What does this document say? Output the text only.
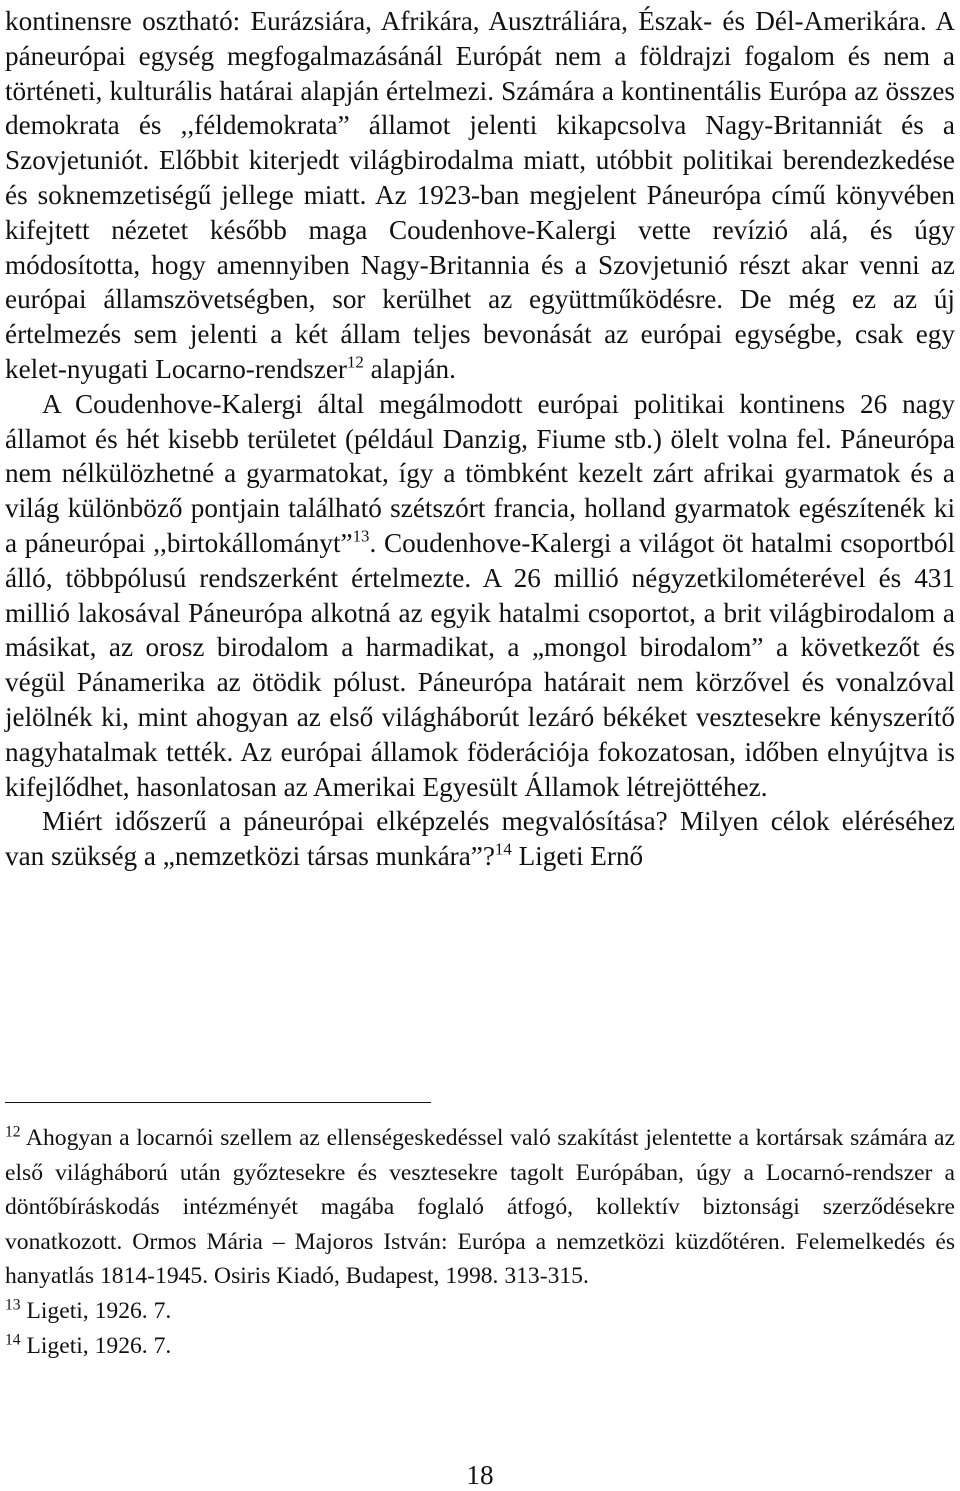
kontinensre osztható: Eurázsiára, Afrikára, Ausztráliára, Észak- és Dél-Amerikára. A páneurópai egység megfogalmazásánál Európát nem a földrajzi fogalom és nem a történeti, kulturális határai alapján értelmezi. Számára a kontinentális Európa az összes demokrata és ,,féldemokrata” államot jelenti kikapcsolva Nagy-Britanniát és a Szovjetuniót. Előbbit kiterjedt világbirodalma miatt, utóbbit politikai berendezkedése és soknemzetiségű jellege miatt. Az 1923-ban megjelent Páneurópa című könyvében kifejtett nézetet később maga Coudenhove-Kalergi vette revízió alá, és úgy módosította, hogy amennyiben Nagy-Britannia és a Szovjetunió részt akar venni az európai államszövetségben, sor kerülhet az együttműködésre. De még ez az új értelmezés sem jelenti a két állam teljes bevonását az európai egységbe, csak egy kelet-nyugati Locarno-rendszer$^{12}$ alapján.

A Coudenhove-Kalergi által megálmodott európai politikai kontinens 26 nagy államot és hét kisebb területet (például Danzig, Fiume stb.) ölelt volna fel. Páneurópa nem nélkülözhetné a gyarmatokat, így a tömbként kezelt zárt afrikai gyarmatok és a világ különböző pontjain található szétszórt francia, holland gyarmatok egészítenék ki a páneurópai ,,birtokállományt”$^{13}$. Coudenhove-Kalergi a világot öt hatalmi csoportból álló, többpólusú rendszerként értelmezte. A 26 millió négyzetkilométerével és 431 millió lakosával Páneurópa alkotná az egyik hatalmi csoportot, a brit világbirodalom a másikat, az orosz birodalom a harmadikat, a „mongol birodalom” a következőt és végül Pánamerika az ötödik pólust. Páneurópa határait nem körzővel és vonalzóval jelölnék ki, mint ahogyan az első világháborút lezáró békéket vesztesekre kényszerítő nagyhatalmak tették. Az európai államok föderációja fokozatosan, időben elnyújtva is kifejlődhet, hasonlatosan az Amerikai Egyesült Államok létrejöttéhez.

Miért időszerű a páneurópai elképzelés megvalósítása? Milyen célok eléréséhez van szükség a „nemzetközi társas munkára”?$^{14}$ Ligeti Ernő

$^{12}$ Ahogyan a locarnói szellem az ellenségeskedéssel való szakítást jelentette a kortársak számára az első világháború után győztesekre és vesztesekre tagolt Európában, úgy a Locarnó-rendszer a döntőbíráskodás intézményét magába foglaló átfogó, kollektív biztonsági szerződésekre vonatkozott. Ormos Mária – Majoros István: Európa a nemzetközi küzdőtéren. Felemelkedés és hanyatlás 1814-1945. Osiris Kiadó, Budapest, 1998. 313-315.

$^{13}$ Ligeti, 1926. 7.

$^{14}$ Ligeti, 1926. 7.

18
